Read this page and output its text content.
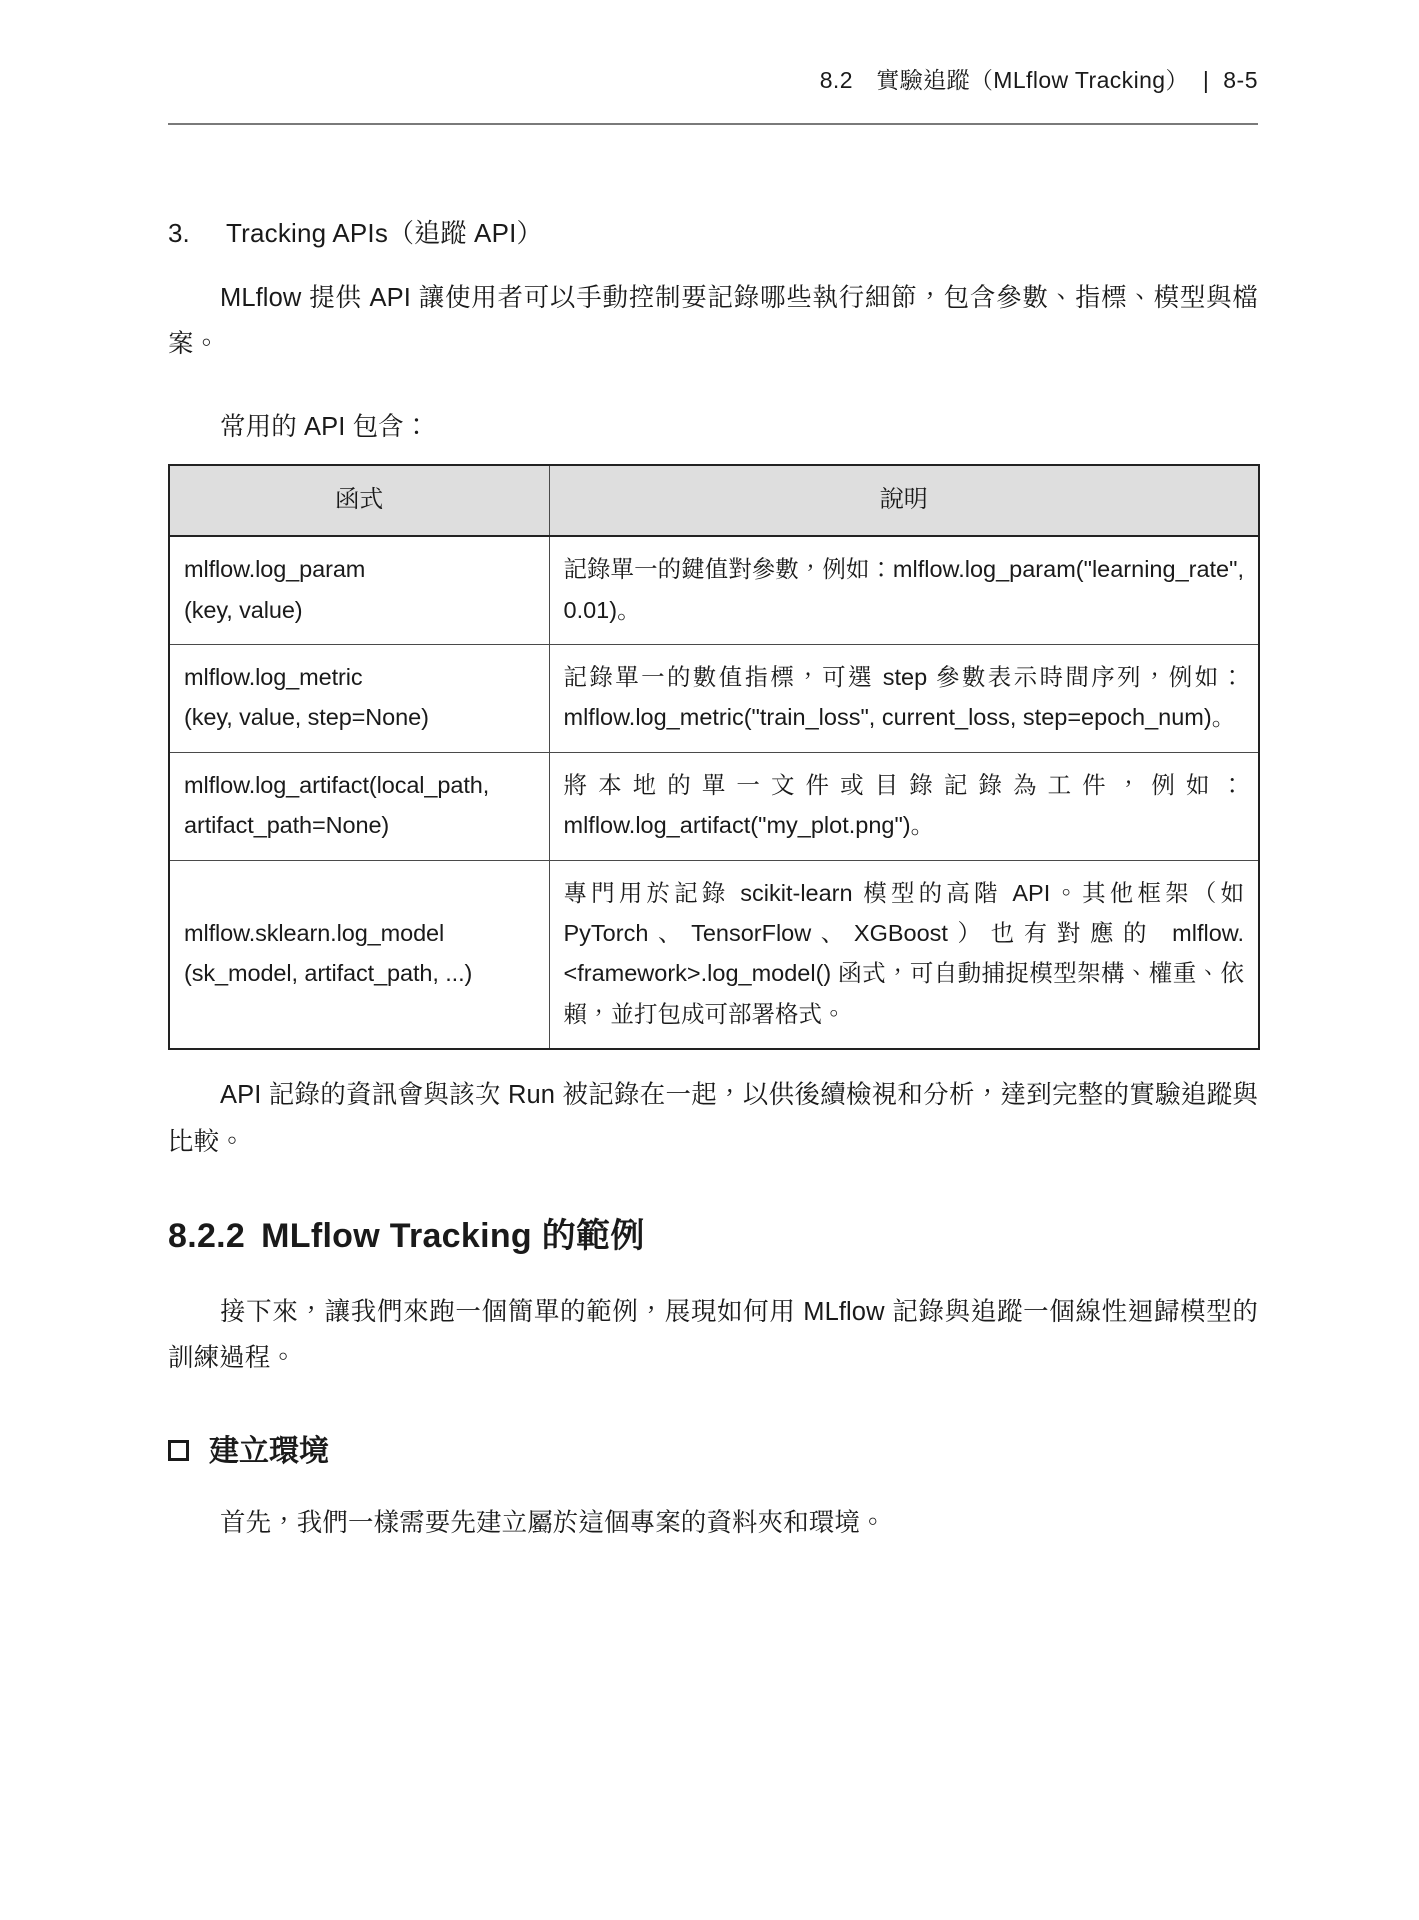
8.2　實驗追蹤（MLflow Tracking） | 8-5
3.	Tracking APIs（追蹤 API）

MLflow 提供 API 讓使用者可以手動控制要記錄哪些執行細節，包含參數、指標、模型與檔案。

常用的 API 包含：

函式	說明

mlflow.log_param
(key, value)	記錄單一的鍵值對參數，例如：mlflow.log_param("learning_rate", 0.01)。

mlflow.log_metric
(key, value, step=None)	記錄單一的數值指標，可選 step 參數表示時間序列，例如：mlflow.log_metric("train_loss", current_loss, step=epoch_num)。

mlflow.log_artifact(local_path,
artifact_path=None)	將本地的單一文件或目錄記錄為工件，例如：mlflow.log_artifact("my_plot.png")。

mlflow.sklearn.log_model
(sk_model, artifact_path, ...)	專門用於記錄 scikit-learn 模型的高階 API。其他框架（如 PyTorch、TensorFlow、XGBoost）也有對應的 mlflow.<framework>.log_model() 函式，可自動捕捉模型架構、權重、依賴，並打包成可部署格式。

API 記錄的資訊會與該次 Run 被記錄在一起，以供後續檢視和分析，達到完整的實驗追蹤與比較。

8.2.2 MLflow Tracking 的範例

接下來，讓我們來跑一個簡單的範例，展現如何用 MLflow 記錄與追蹤一個線性迴歸模型的訓練過程。

建立環境

首先，我們一樣需要先建立屬於這個專案的資料夾和環境。
